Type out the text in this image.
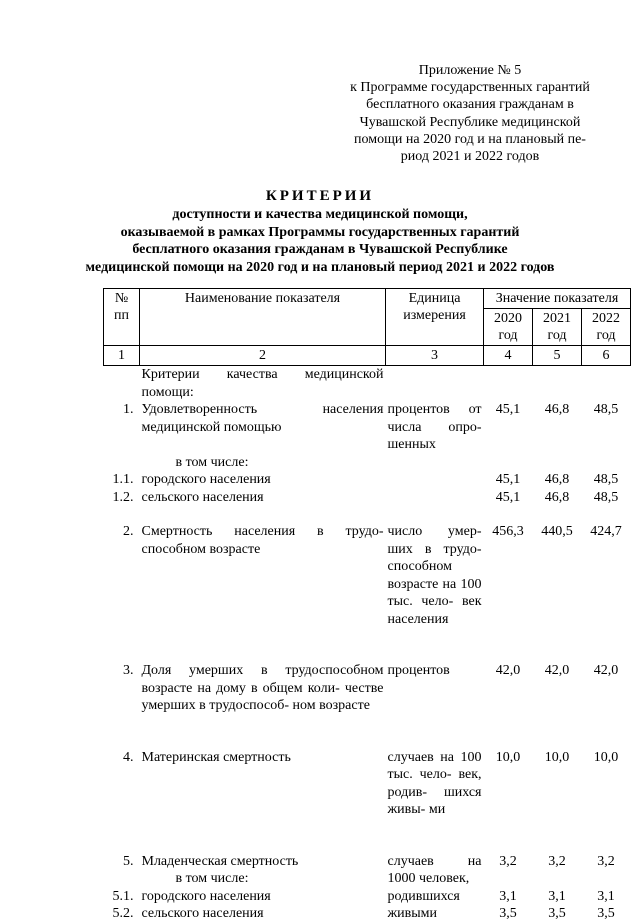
Приложение № 5
к Программе государственных гарантий
бесплатного оказания гражданам в
Чувашской Республике медицинской
помощи на 2020 год и на плановый пе-
риод 2021 и 2022 годов
КРИТЕРИИ
доступности и качества медицинской помощи,
оказываемой в рамках Программы государственных гарантий
бесплатного оказания гражданам в Чувашской Республике
медицинской помощи на 2020 год и на плановый период 2021 и 2022 годов
№ пп	Наименование показателя	Единица измерения	Значение показателя		
			2020 год	2021 год	2022 год
1	2	3	4	5	6
	Критерии качества медицинской помощи:				
1.	Удовлетворенность населения медицинской помощью	процентов от числа опро- шенных	45,1	46,8	48,5
	в том числе:				
1.1.	городского населения		45,1	46,8	48,5
1.2.	сельского населения		45,1	46,8	48,5

2.	Смертность населения в трудо- способном возрасте	число умер- ших в трудо- способном возрасте на 100 тыс. чело- век населения	456,3	440,5	424,7

3.	Доля умерших в трудоспособном возрасте на дому в общем коли- честве умерших в трудоспособ- ном возрасте	процентов	42,0	42,0	42,0

4.	Материнская смертность	случаев на 100 тыс. чело- век, родив- шихся живы- ми	10,0	10,0	10,0

5.	Младенческая смертность	случаев на 1000 человек,	3,2	3,2	3,2
	в том числе:				
5.1.	городского населения	родившихся	3,1	3,1	3,1
5.2.	сельского населения	живыми	3,5	3,5	3,5
